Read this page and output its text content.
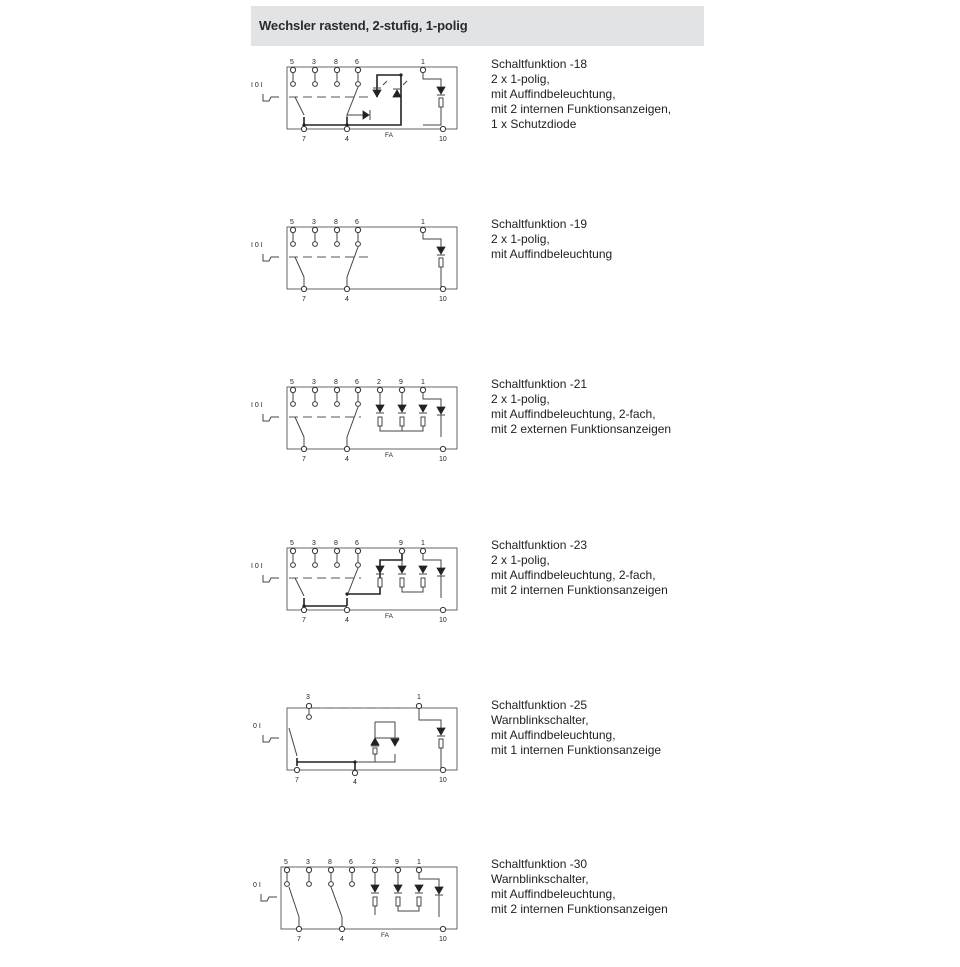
Wechsler rastend, 2-stufig, 1-polig
I 0 I
5	3	8 6	1
7	4	10
FA
Schaltfunktion -18
2 x 1-polig,
mit Auffindbeleuchtung,
mit 2 internen Funktionsanzeigen,
1 x Schutzdiode
I 0 I
5	3	8 6	1
7	4	10
Schaltfunktion -19
2 x 1-polig,
mit Auffindbeleuchtung
I 0 I
5	3	8 6	2	9	1
7	4	10
FA
Schaltfunktion -21
2 x 1-polig,
mit Auffindbeleuchtung, 2-fach,
mit 2 externen Funktionsanzeigen
I 0 I
5	3	8 6	9	1
7	4	10
FA
Schaltfunktion -23
2 x 1-polig,
mit Auffindbeleuchtung, 2-fach,
mit 2 internen Funktionsanzeigen
0 I
3	1
7	4	10
Schaltfunktion -25
Warnblinkschalter,
mit Auffindbeleuchtung,
mit 1 internen Funktionsanzeige
0 I
5	3	8 6	2	9	1
7	4	10
FA
Schaltfunktion -30
Warnblinkschalter,
mit Auffindbeleuchtung,
mit 2 internen Funktionsanzeigen
